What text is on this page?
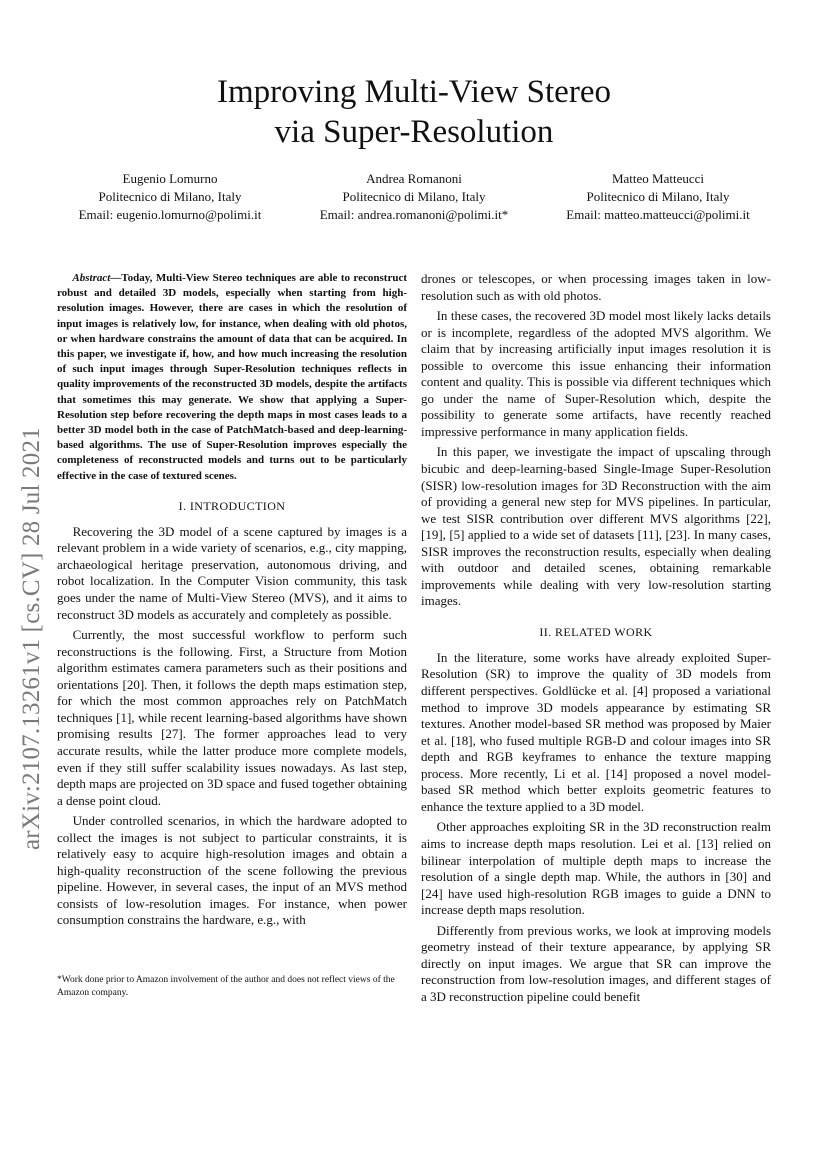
Improving Multi-View Stereo
via Super-Resolution
Eugenio Lomurno
Politecnico di Milano, Italy
Email: eugenio.lomurno@polimi.it
Andrea Romanoni
Politecnico di Milano, Italy
Email: andrea.romanoni@polimi.it*
Matteo Matteucci
Politecnico di Milano, Italy
Email: matteo.matteucci@polimi.it
arXiv:2107.13261v1 [cs.CV] 28 Jul 2021

Abstract—Today, Multi-View Stereo techniques are able to reconstruct robust and detailed 3D models, especially when starting from high-resolution images. However, there are cases in which the resolution of input images is relatively low, for instance, when dealing with old photos, or when hardware constrains the amount of data that can be acquired. In this paper, we investigate if, how, and how much increasing the resolution of such input images through Super-Resolution techniques reflects in quality improvements of the reconstructed 3D models, despite the artifacts that sometimes this may generate. We show that applying a Super-Resolution step before recovering the depth maps in most cases leads to a better 3D model both in the case of PatchMatch-based and deep-learning-based algorithms. The use of Super-Resolution improves especially the completeness of reconstructed models and turns out to be particularly effective in the case of textured scenes.

I. INTRODUCTION

Recovering the 3D model of a scene captured by images is a relevant problem in a wide variety of scenarios, e.g., city mapping, archaeological heritage preservation, autonomous driving, and robot localization. In the Computer Vision community, this task goes under the name of Multi-View Stereo (MVS), and it aims to reconstruct 3D models as accurately and completely as possible.

Currently, the most successful workflow to perform such reconstructions is the following. First, a Structure from Motion algorithm estimates camera parameters such as their positions and orientations [20]. Then, it follows the depth maps estimation step, for which the most common approaches rely on PatchMatch techniques [1], while recent learning-based algorithms have shown promising results [27]. The former approaches lead to very accurate results, while the latter produce more complete models, even if they still suffer scalability issues nowadays. As last step, depth maps are projected on 3D space and fused together obtaining a dense point cloud.

Under controlled scenarios, in which the hardware adopted to collect the images is not subject to particular constraints, it is relatively easy to acquire high-resolution images and obtain a high-quality reconstruction of the scene following the previous pipeline. However, in several cases, the input of an MVS method consists of low-resolution images. For instance, when power consumption constrains the hardware, e.g., with

*Work done prior to Amazon involvement of the author and does not reflect views of the Amazon company.

drones or telescopes, or when processing images taken in low-resolution such as with old photos.

In these cases, the recovered 3D model most likely lacks details or is incomplete, regardless of the adopted MVS algorithm. We claim that by increasing artificially input images resolution it is possible to overcome this issue enhancing their information content and quality. This is possible via different techniques which go under the name of Super-Resolution which, despite the possibility to generate some artifacts, have recently reached impressive performance in many application fields.

In this paper, we investigate the impact of upscaling through bicubic and deep-learning-based Single-Image Super-Resolution (SISR) low-resolution images for 3D Reconstruction with the aim of providing a general new step for MVS pipelines. In particular, we test SISR contribution over different MVS algorithms [22], [19], [5] applied to a wide set of datasets [11], [23]. In many cases, SISR improves the reconstruction results, especially when dealing with outdoor and detailed scenes, obtaining remarkable improvements while dealing with very low-resolution starting images.

II. RELATED WORK

In the literature, some works have already exploited Super-Resolution (SR) to improve the quality of 3D models from different perspectives. Goldlücke et al. [4] proposed a variational method to improve 3D models appearance by estimating SR textures. Another model-based SR method was proposed by Maier et al. [18], who fused multiple RGB-D and colour images into SR depth and RGB keyframes to enhance the texture mapping process. More recently, Li et al. [14] proposed a novel model-based SR method which better exploits geometric features to enhance the texture applied to a 3D model.

Other approaches exploiting SR in the 3D reconstruction realm aims to increase depth maps resolution. Lei et al. [13] relied on bilinear interpolation of multiple depth maps to increase the resolution of a single depth map. While, the authors in [30] and [24] have used high-resolution RGB images to guide a DNN to increase depth maps resolution.

Differently from previous works, we look at improving models geometry instead of their texture appearance, by applying SR directly on input images. We argue that SR can improve the reconstruction from low-resolution images, and different stages of a 3D reconstruction pipeline could benefit
